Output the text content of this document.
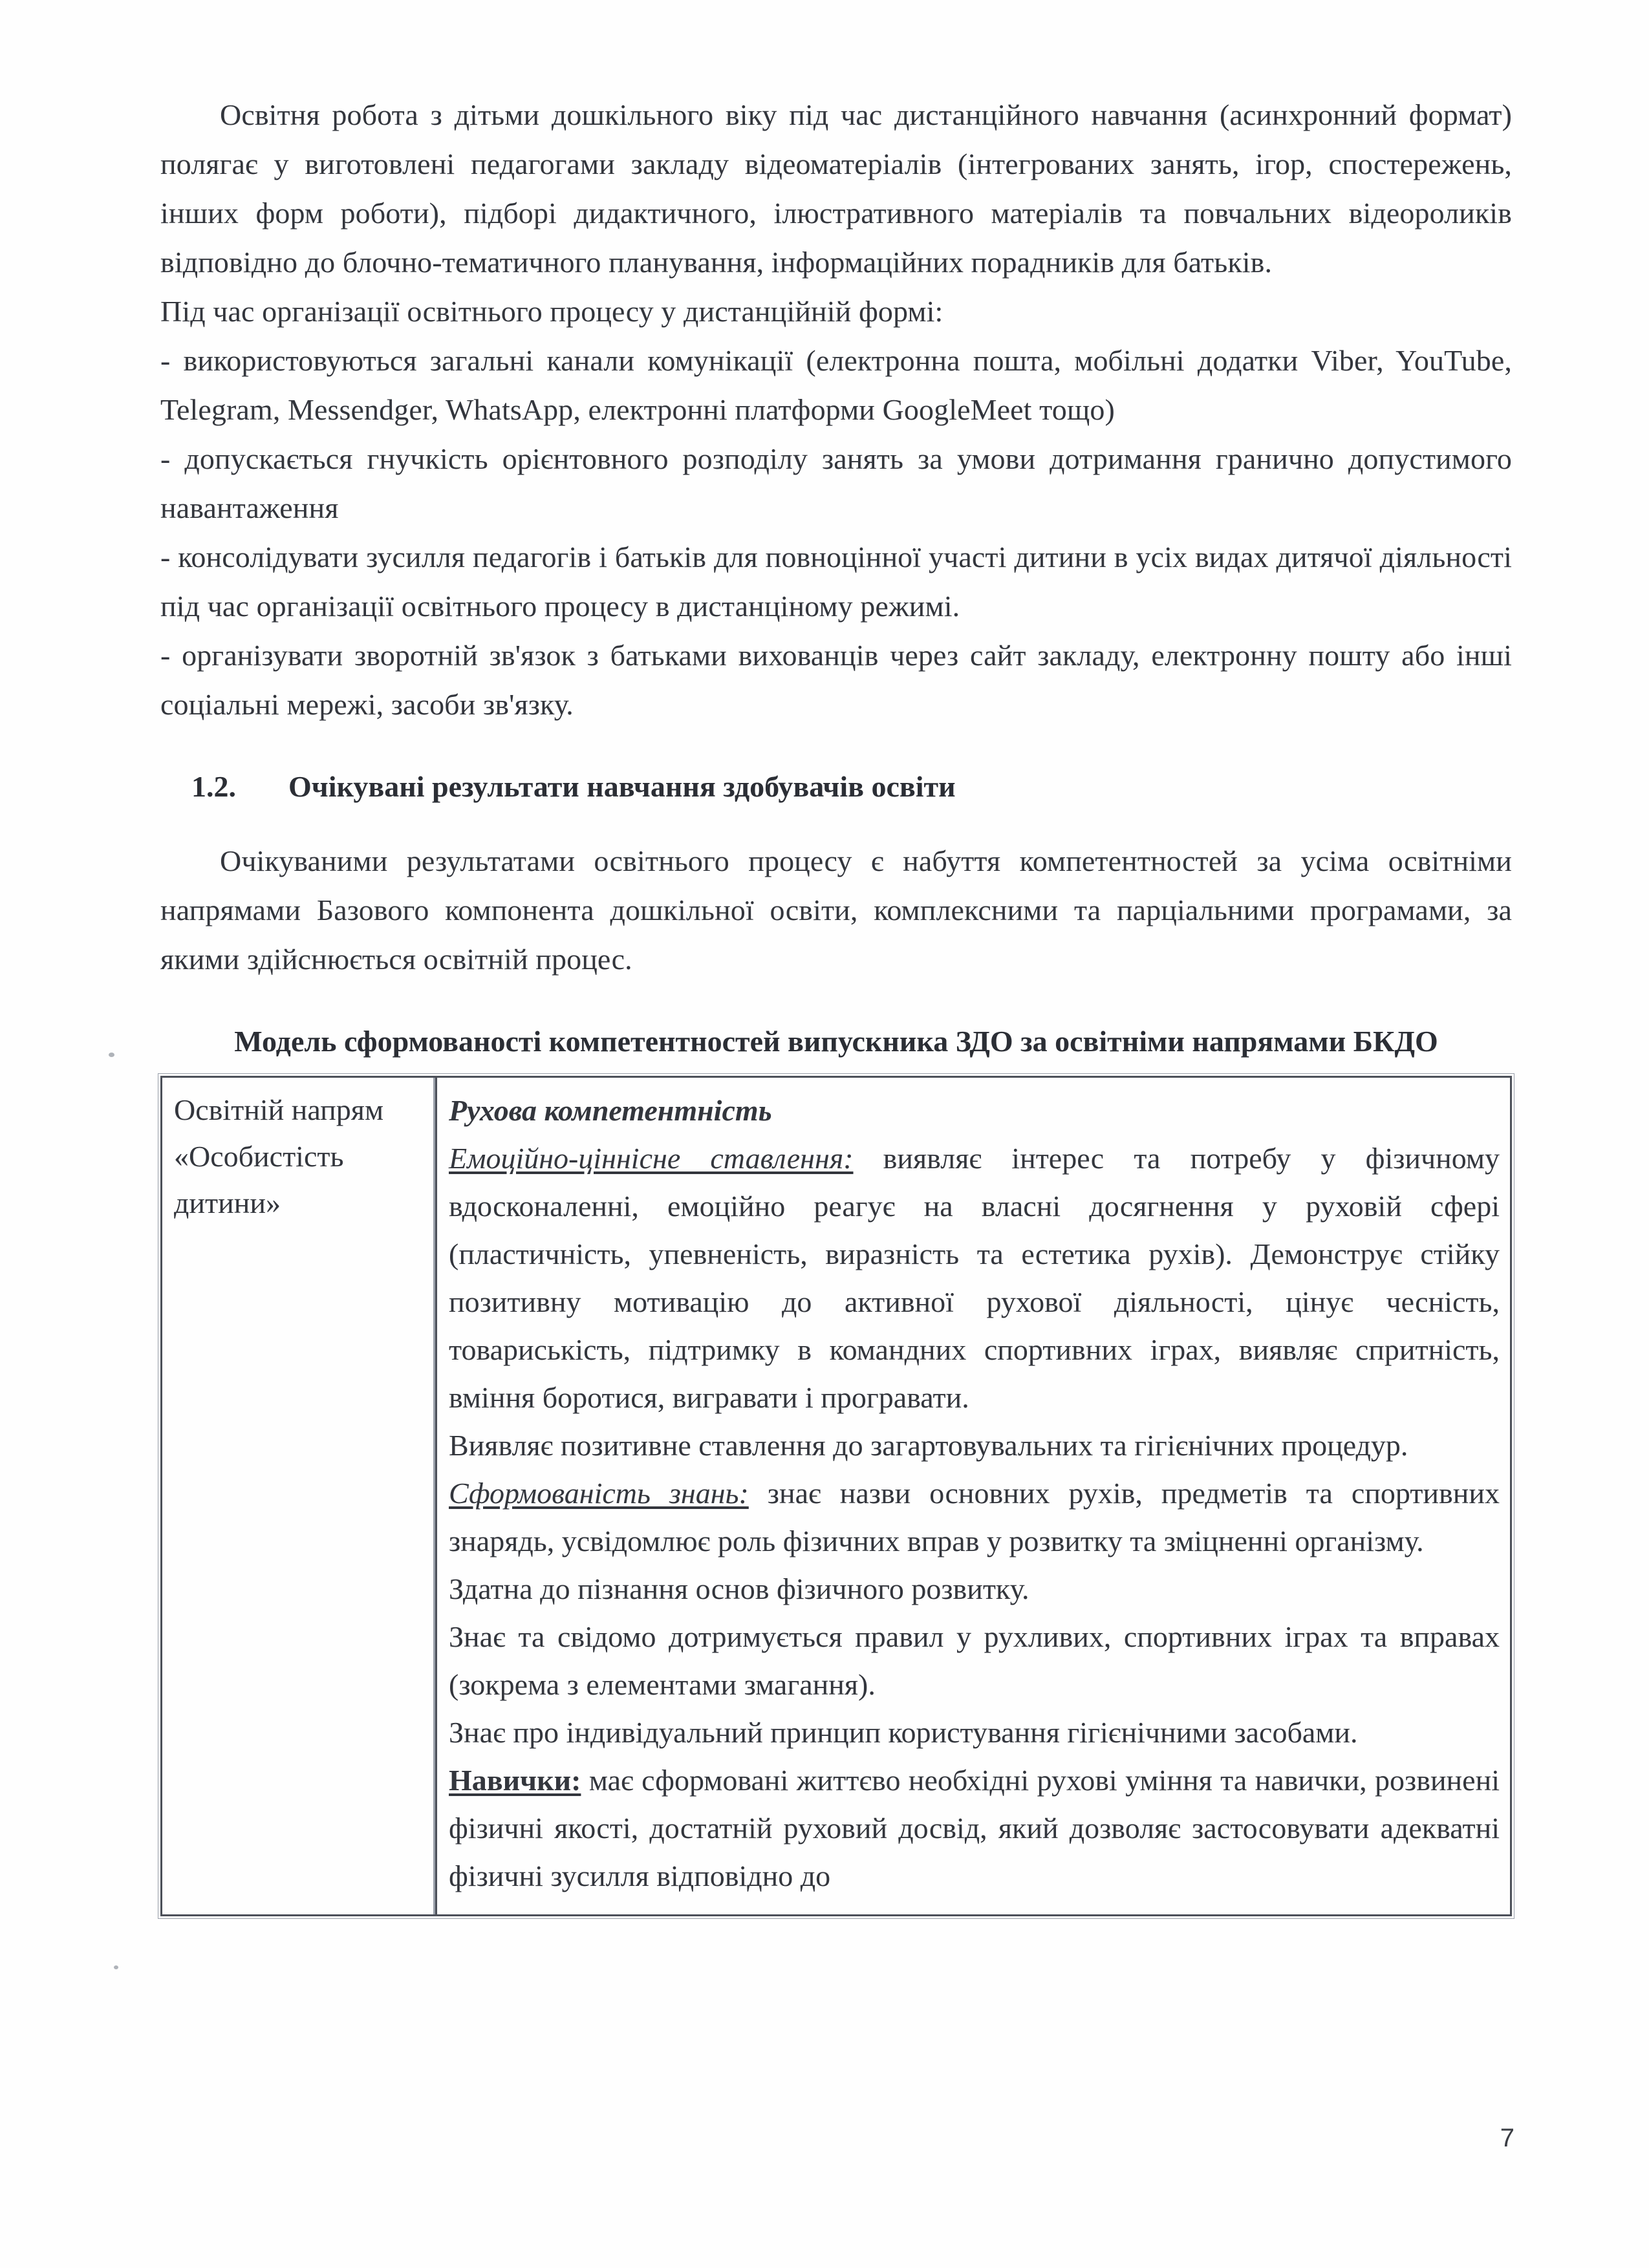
Освітня робота з дітьми дошкільного віку під час дистанційного навчання (асинхронний формат) полягає у виготовлені педагогами закладу відеоматеріалів (інтегрованих занять, ігор, спостережень, інших форм роботи), підборі дидактичного, ілюстративного матеріалів та повчальних відеороликів відповідно до блочно-тематичного планування, інформаційних порадників для батьків.

Під час організації освітнього процесу у дистанційній формі:

- використовуються загальні канали комунікації (електронна пошта, мобільні додатки Viber, YouTube, Telegram, Messendger, WhatsApp, електронні платформи GoogleMeet тощо)

- допускається гнучкість орієнтовного розподілу занять за умови дотримання гранично допустимого навантаження

- консолідувати зусилля педагогів і батьків для повноцінної участі дитини в усіх видах дитячої діяльності під час організації освітнього процесу в дистанціному режимі.

- організувати зворотній зв'язок з батьками вихованців через сайт закладу, електронну пошту або інші соціальні мережі, засоби зв'язку.

1.2.	Очікувані результати навчання здобувачів освіти

Очікуваними результатами освітнього процесу є набуття компетентностей за усіма освітніми напрямами Базового компонента дошкільної освіти, комплексними та парціальними програмами, за якими здійснюється освітній процес.

Модель сформованості компетентностей випускника ЗДО за освітніми напрямами БКДО
Освітній напрям «Особистість дитини»

Рухова компетентність
Емоційно-ціннісне ставлення: виявляє інтерес та потребу у фізичному вдосконаленні, емоційно реагує на власні досягнення у руховій сфері (пластичність, упевненість, виразність та естетика рухів). Демонструє стійку позитивну мотивацію до активної рухової діяльності, цінує чесність, товариськість, підтримку в командних спортивних іграх, виявляє спритність, вміння боротися, вигравати і програвати.
Виявляє позитивне ставлення до загартовувальних та гігієнічних процедур.
Сформованість знань: знає назви основних рухів, предметів та спортивних знарядь, усвідомлює роль фізичних вправ у розвитку та зміцненні організму.
Здатна до пізнання основ фізичного розвитку.
Знає та свідомо дотримується правил у рухливих, спортивних іграх та вправах (зокрема з елементами змагання).
Знає про індивідуальний принцип користування гігієнічними засобами.
Навички: має сформовані життєво необхідні рухові уміння та навички, розвинені фізичні якості, достатній руховий досвід, який дозволяє застосовувати адекватні фізичні зусилля відповідно до
7
